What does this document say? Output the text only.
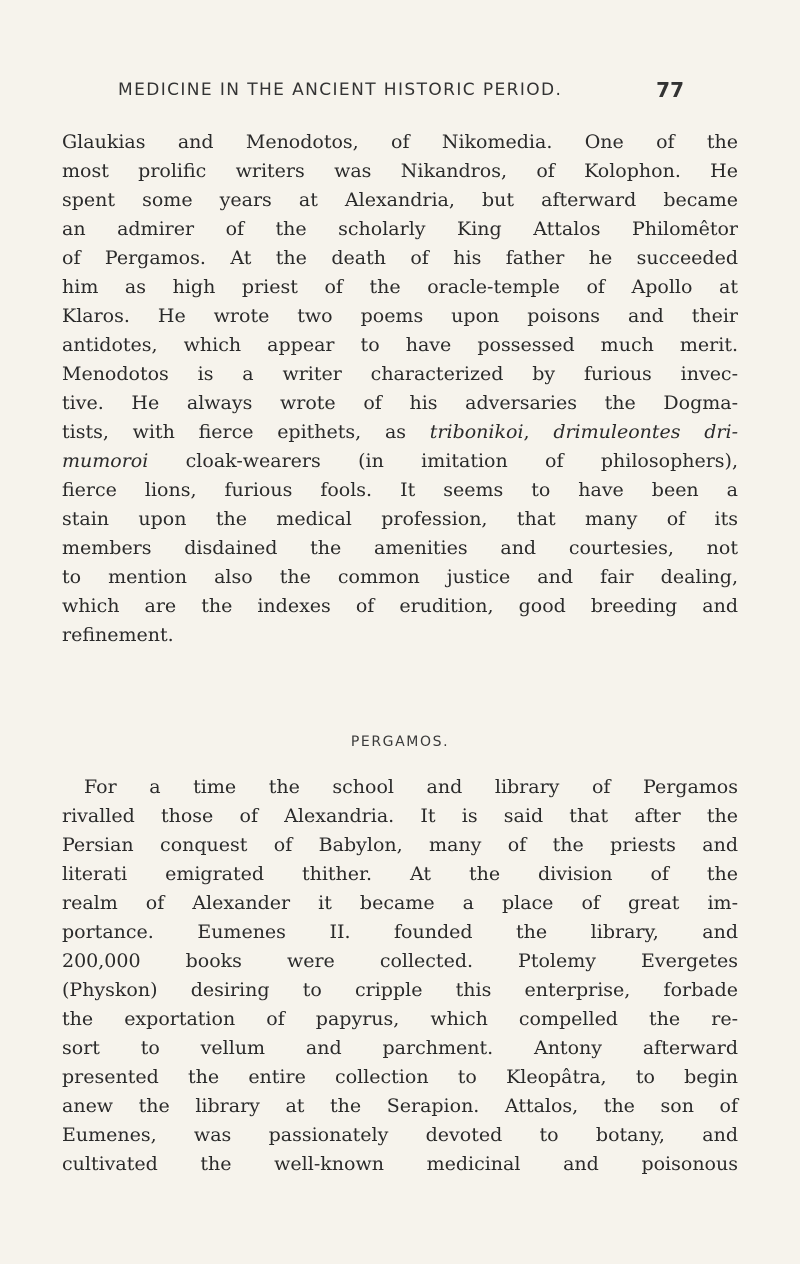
MEDICINE IN THE ANCIENT HISTORIC PERIOD.	77
Glaukias and Menodotos, of Nikomedia. One of the
most prolific writers was Nikandros, of Kolophon. He
spent some years at Alexandria, but afterward became
an admirer of the scholarly King Attalos Philomêtor
of Pergamos. At the death of his father he succeeded
him as high priest of the oracle-temple of Apollo at
Klaros. He wrote two poems upon poisons and their
antidotes, which appear to have possessed much merit.
Menodotos is a writer characterized by furious invec-
tive. He always wrote of his adversaries the Dogma-
tists, with fierce epithets, as tribonikoi, drimuleontes dri-
mumoroi cloak-wearers (in imitation of philosophers),
fierce lions, furious fools. It seems to have been a
stain upon the medical profession, that many of its
members disdained the amenities and courtesies, not
to mention also the common justice and fair dealing,
which are the indexes of erudition, good breeding and
refinement.
PERGAMOS.
For a time the school and library of Pergamos
rivalled those of Alexandria. It is said that after the
Persian conquest of Babylon, many of the priests and
literati emigrated thither. At the division of the
realm of Alexander it became a place of great im-
portance. Eumenes II. founded the library, and
200,000 books were collected. Ptolemy Evergetes
(Physkon) desiring to cripple this enterprise, forbade
the exportation of papyrus, which compelled the re-
sort to vellum and parchment. Antony afterward
presented the entire collection to Kleopâtra, to begin
anew the library at the Serapion. Attalos, the son of
Eumenes, was passionately devoted to botany, and
cultivated the well-known medicinal and poisonous
